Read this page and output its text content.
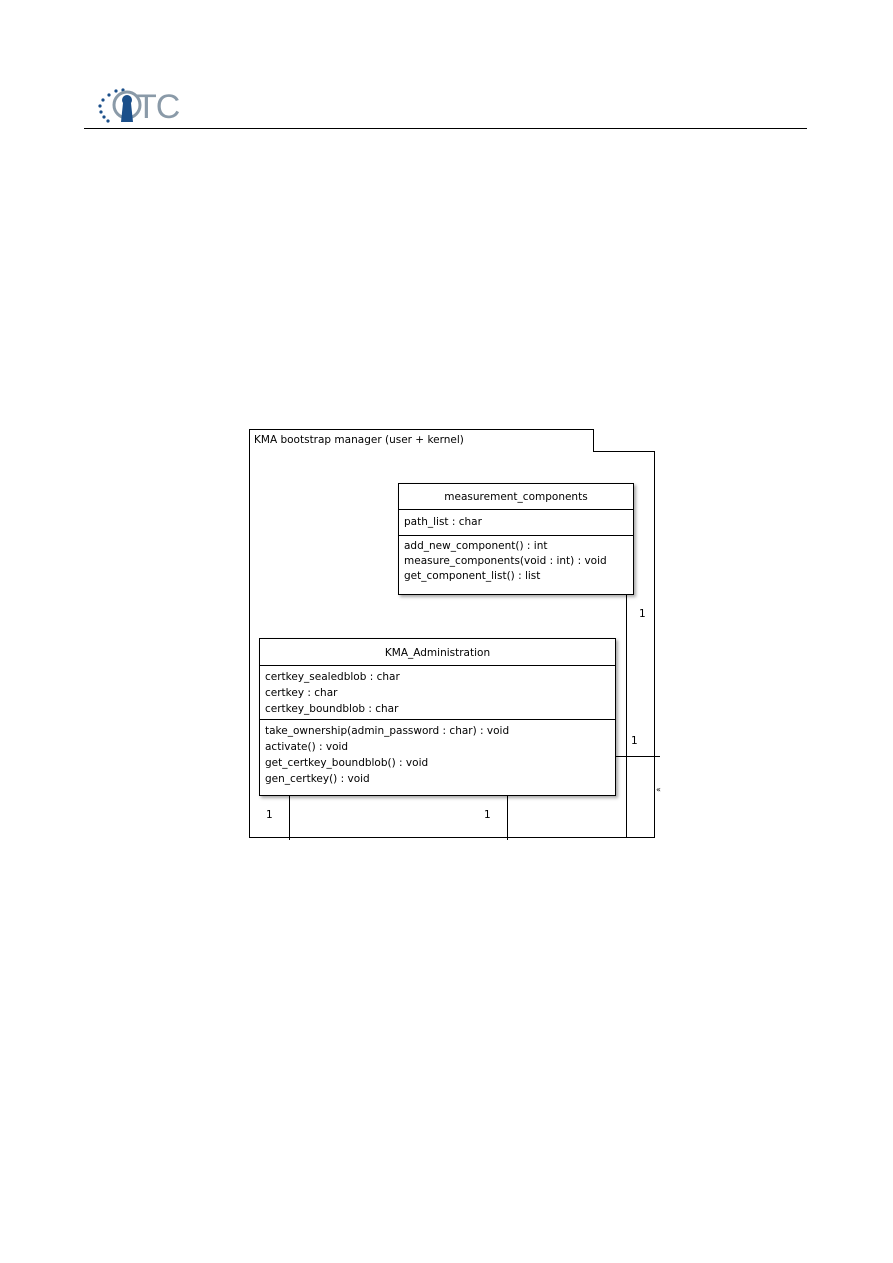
TC
KMA bootstrap manager (user + kernel)
measurement_components
path_list : char
add_new_component() : int
measure_components(void : int) : void
get_component_list() : list
KMA_Administration
certkey_sealedblob : char
certkey : char
certkey_boundblob : char
take_ownership(admin_password : char) : void
activate() : void
get_certkey_boundblob() : void
gen_certkey() : void
1
1
1	1
«
